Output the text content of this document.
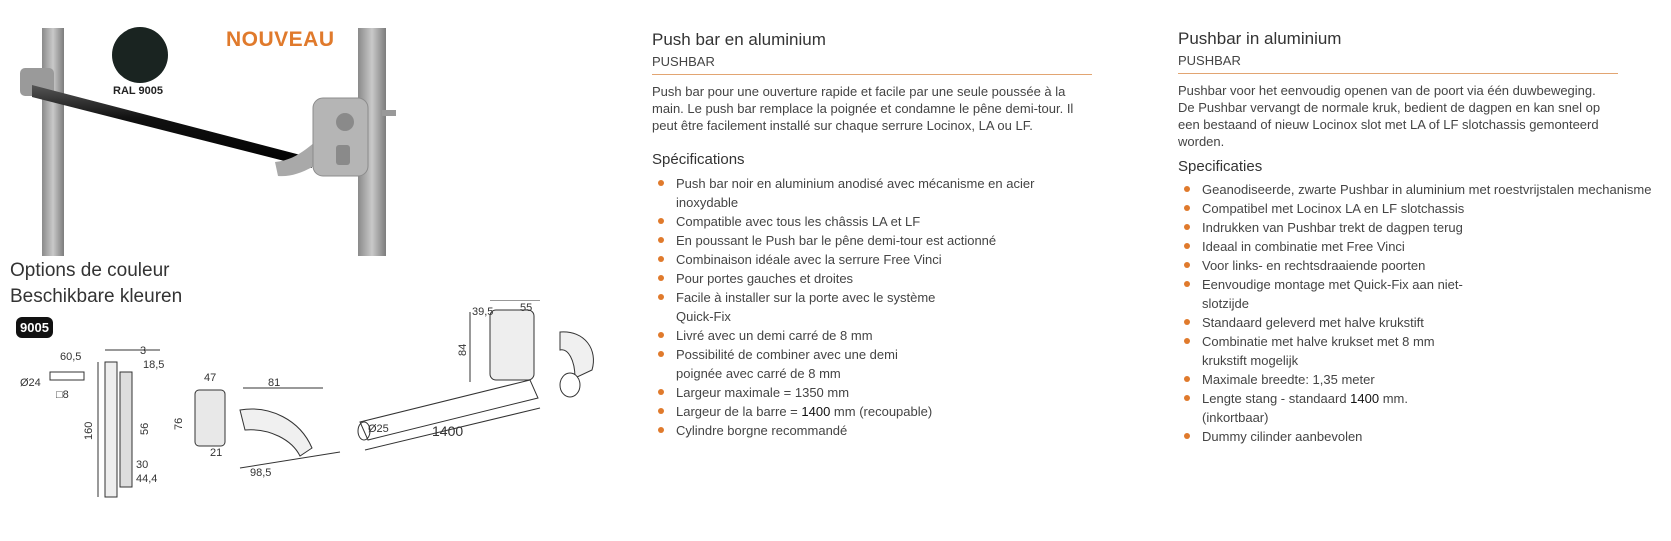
NOUVEAU
RAL 9005
Options de couleur
Beschikbare kleuren
9005
60,5
Ø24
□8
3
18,5
160	56 76
30
44,4
47
21
81
98,5
Ø25	1400
39,5 55
84
Push bar en aluminium
PUSHBAR
Push bar pour une ouverture rapide et facile par une seule poussée à la
main. Le push bar remplace la poignée et condamne le pêne demi-tour. Il
peut être facilement installé sur chaque serrure Locinox, LA ou LF.
Spécifications
Push bar noir en aluminium anodisé avec mécanisme en acier inoxydable
Compatible avec tous les châssis LA et LF
En poussant le Push bar le pêne demi-tour est actionné
Combinaison idéale avec la serrure Free Vinci
Pour portes gauches et droites
Facile à installer sur la porte avec le système
Quick-Fix
Livré avec un demi carré de 8 mm
Possibilité de combiner avec une demi
poignée avec carré de 8 mm
Largeur maximale = 1350 mm
Largeur de la barre = 1400 mm (recoupable)
Cylindre borgne recommandé
Pushbar in aluminium
PUSHBAR
Pushbar voor het eenvoudig openen van de poort via één duwbeweging.
De Pushbar vervangt de normale kruk, bedient de dagpen en kan snel op
een bestaand of nieuw Locinox slot met LA of LF slotchassis gemonteerd
worden.
Specificaties
Geanodiseerde, zwarte Pushbar in aluminium met roestvrijstalen mechanisme
Compatibel met Locinox LA en LF slotchassis
Indrukken van Pushbar trekt de dagpen terug
Ideaal in combinatie met Free Vinci
Voor links- en rechtsdraaiende poorten
Eenvoudige montage met Quick-Fix aan niet-
slotzijde
Standaard geleverd met halve krukstift
Combinatie met halve krukset met 8 mm
krukstift mogelijk
Maximale breedte: 1,35 meter
Lengte stang - standaard 1400 mm.
(inkortbaar)
Dummy cilinder aanbevolen
